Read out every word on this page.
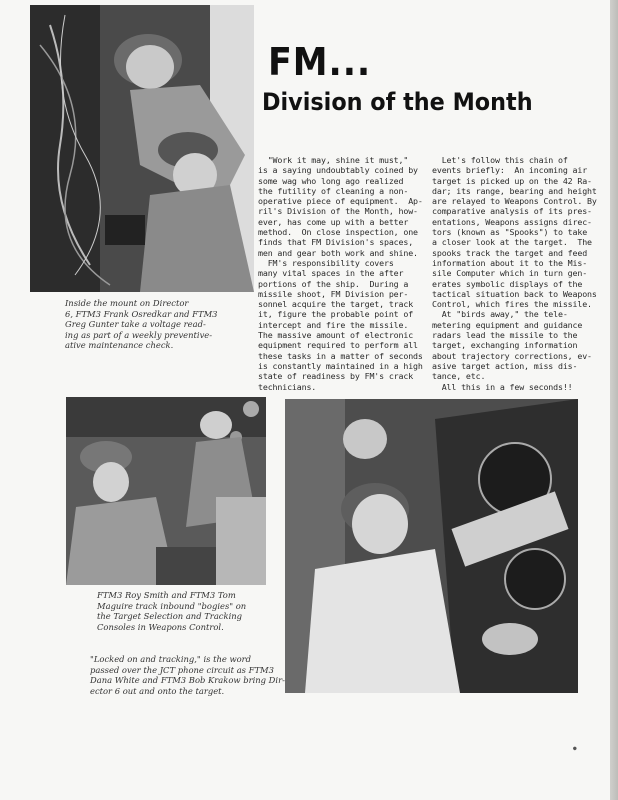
FM...
Division of the Month
"Work it may, shine it must,"
is a saying undoubtably coined by
some wag who long ago realized
the futility of cleaning a non-
operative piece of equipment.  Ap-
ril's Division of the Month, how-
ever, has come up with a better
method.  On close inspection, one
finds that FM Division's spaces,
men and gear both work and shine.
FM's responsibility covers
many vital spaces in the after
portions of the ship.  During a
missile shoot, FM Division per-
sonnel acquire the target, track
it, figure the probable point of
intercept and fire the missile.
The massive amount of electronic
equipment required to perform all
these tasks in a matter of seconds
is constantly maintained in a high
state of readiness by FM's crack
technicians.
Let's follow this chain of
events briefly:  An incoming air
target is picked up on the 42 Ra-
dar; its range, bearing and height
are relayed to Weapons Control. By
comparative analysis of its pres-
entations, Weapons assigns direc-
tors (known as "Spooks") to take
a closer look at the target.  The
spooks track the target and feed
information about it to the Mis-
sile Computer which in turn gen-
erates symbolic displays of the
tactical situation back to Weapons
Control, which fires the missile.
At "birds away," the tele-
metering equipment and guidance
radars lead the missile to the
target, exchanging information
about trajectory corrections, ev-
asive target action, miss dis-
tance, etc.
All this in a few seconds!!
Inside the mount on Director
6, FTM3 Frank Osredkar and FTM3
Greg Gunter take a voltage read-
ing as part of a weekly preventive-
ative maintenance check.
FTM3 Roy Smith and FTM3 Tom
Maguire track inbound "bogies" on
the Target Selection and Tracking
Consoles in Weapons Control.
"Locked on and tracking," is the word
passed over the JCT phone circuit as FTM3
Dana White and FTM3 Bob Krakow bring Dir-
ector 6 out and onto the target.
●
